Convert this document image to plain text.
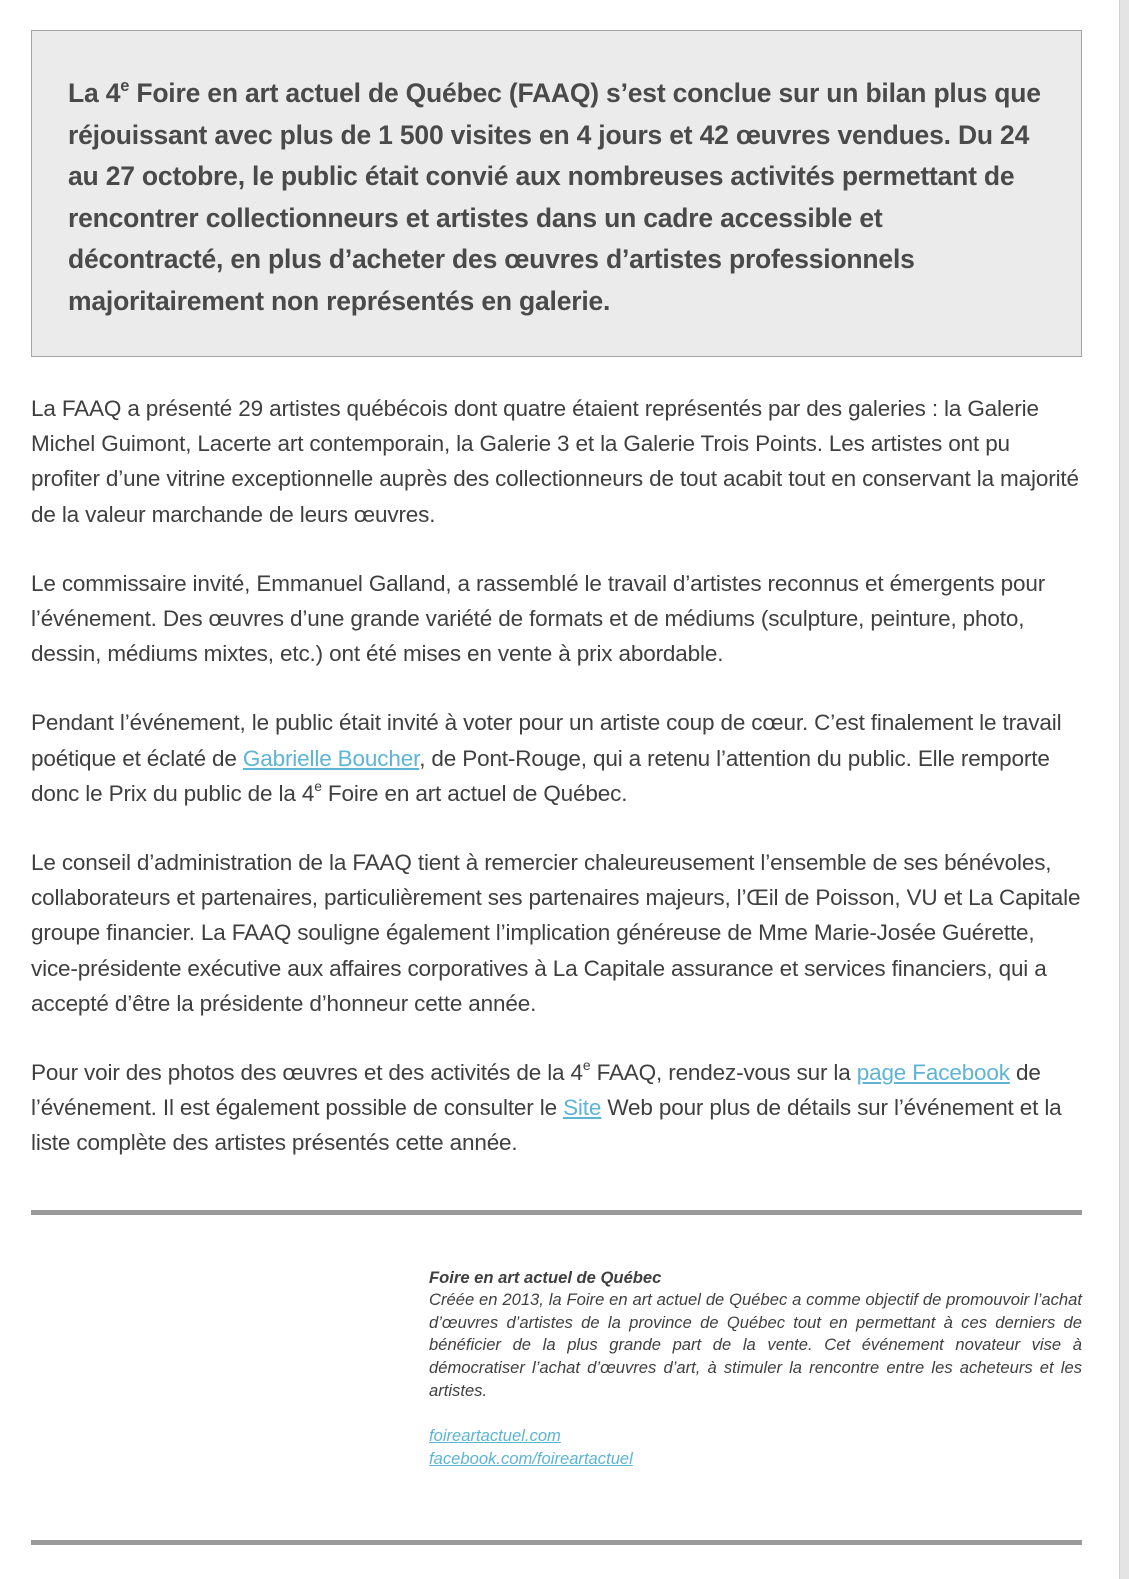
La 4e Foire en art actuel de Québec (FAAQ) s’est conclue sur un bilan plus que réjouissant avec plus de 1 500 visites en 4 jours et 42 œuvres vendues. Du 24 au 27 octobre, le public était convié aux nombreuses activités permettant de rencontrer collectionneurs et artistes dans un cadre accessible et décontracté, en plus d’acheter des œuvres d’artistes professionnels majoritairement non représentés en galerie.

La FAAQ a présenté 29 artistes québécois dont quatre étaient représentés par des galeries : la Galerie Michel Guimont, Lacerte art contemporain, la Galerie 3 et la Galerie Trois Points. Les artistes ont pu profiter d’une vitrine exceptionnelle auprès des collectionneurs de tout acabit tout en conservant la majorité de la valeur marchande de leurs œuvres.

Le commissaire invité, Emmanuel Galland, a rassemblé le travail d’artistes reconnus et émergents pour l’événement. Des œuvres d’une grande variété de formats et de médiums (sculpture, peinture, photo, dessin, médiums mixtes, etc.) ont été mises en vente à prix abordable.

Pendant l’événement, le public était invité à voter pour un artiste coup de cœur. C’est finalement le travail poétique et éclaté de Gabrielle Boucher, de Pont-Rouge, qui a retenu l’attention du public. Elle remporte donc le Prix du public de la 4e Foire en art actuel de Québec.

Le conseil d’administration de la FAAQ tient à remercier chaleureusement l’ensemble de ses bénévoles, collaborateurs et partenaires, particulièrement ses partenaires majeurs, l’Œil de Poisson, VU et La Capitale groupe financier. La FAAQ souligne également l’implication généreuse de Mme Marie-Josée Guérette, vice-présidente exécutive aux affaires corporatives à La Capitale assurance et services financiers, qui a accepté d’être la présidente d’honneur cette année.

Pour voir des photos des œuvres et des activités de la 4e FAAQ, rendez-vous sur la page Facebook de l’événement. Il est également possible de consulter le Site Web pour plus de détails sur l’événement et la liste complète des artistes présentés cette année.

Foire en art actuel de Québec

Créée en 2013, la Foire en art actuel de Québec a comme objectif de promouvoir l’achat d’œuvres d’artistes de la province de Québec tout en permettant à ces derniers de bénéficier de la plus grande part de la vente. Cet événement novateur vise à démocratiser l’achat d’œuvres d’art, à stimuler la rencontre entre les acheteurs et les artistes.

foireartactuel.com
facebook.com/foireartactuel
